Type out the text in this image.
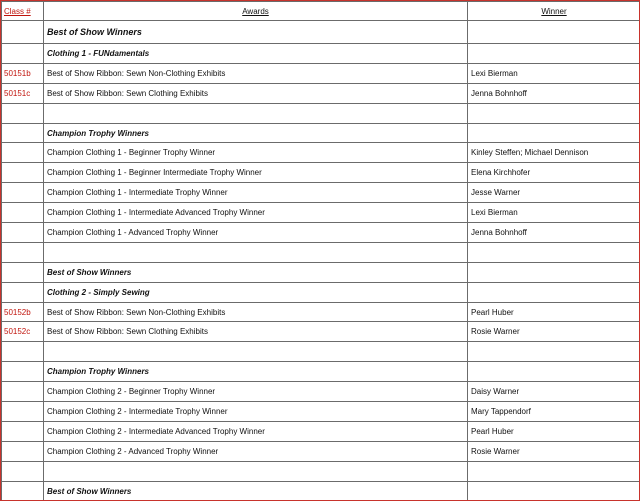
Class #	Awards	Winner
	Best of Show Winners	
	Clothing 1 - FUNdamentals	
50151b	Best of Show Ribbon: Sewn Non-Clothing Exhibits	Lexi Bierman
50151c	Best of Show Ribbon: Sewn Clothing Exhibits	Jenna Bohnhoff

	Champion Trophy Winners	
	Champion Clothing 1 - Beginner Trophy Winner	Kinley Steffen; Michael Dennison
	Champion Clothing 1 - Beginner Intermediate Trophy Winner	Elena Kirchhofer
	Champion Clothing 1 - Intermediate Trophy Winner	Jesse Warner
	Champion Clothing 1 - Intermediate Advanced Trophy Winner	Lexi Bierman
	Champion Clothing 1 - Advanced Trophy Winner	Jenna Bohnhoff

	Best of Show Winners	
	Clothing 2 - Simply Sewing	
50152b	Best of Show Ribbon: Sewn Non-Clothing Exhibits	Pearl Huber
50152c	Best of Show Ribbon: Sewn Clothing Exhibits	Rosie Warner

	Champion Trophy Winners	
	Champion Clothing 2 - Beginner Trophy Winner	Daisy Warner
	Champion Clothing 2 - Intermediate Trophy Winner	Mary Tappendorf
	Champion Clothing 2 - Intermediate Advanced Trophy Winner	Pearl Huber
	Champion Clothing 2 - Advanced Trophy Winner	Rosie Warner

	Best of Show Winners	
